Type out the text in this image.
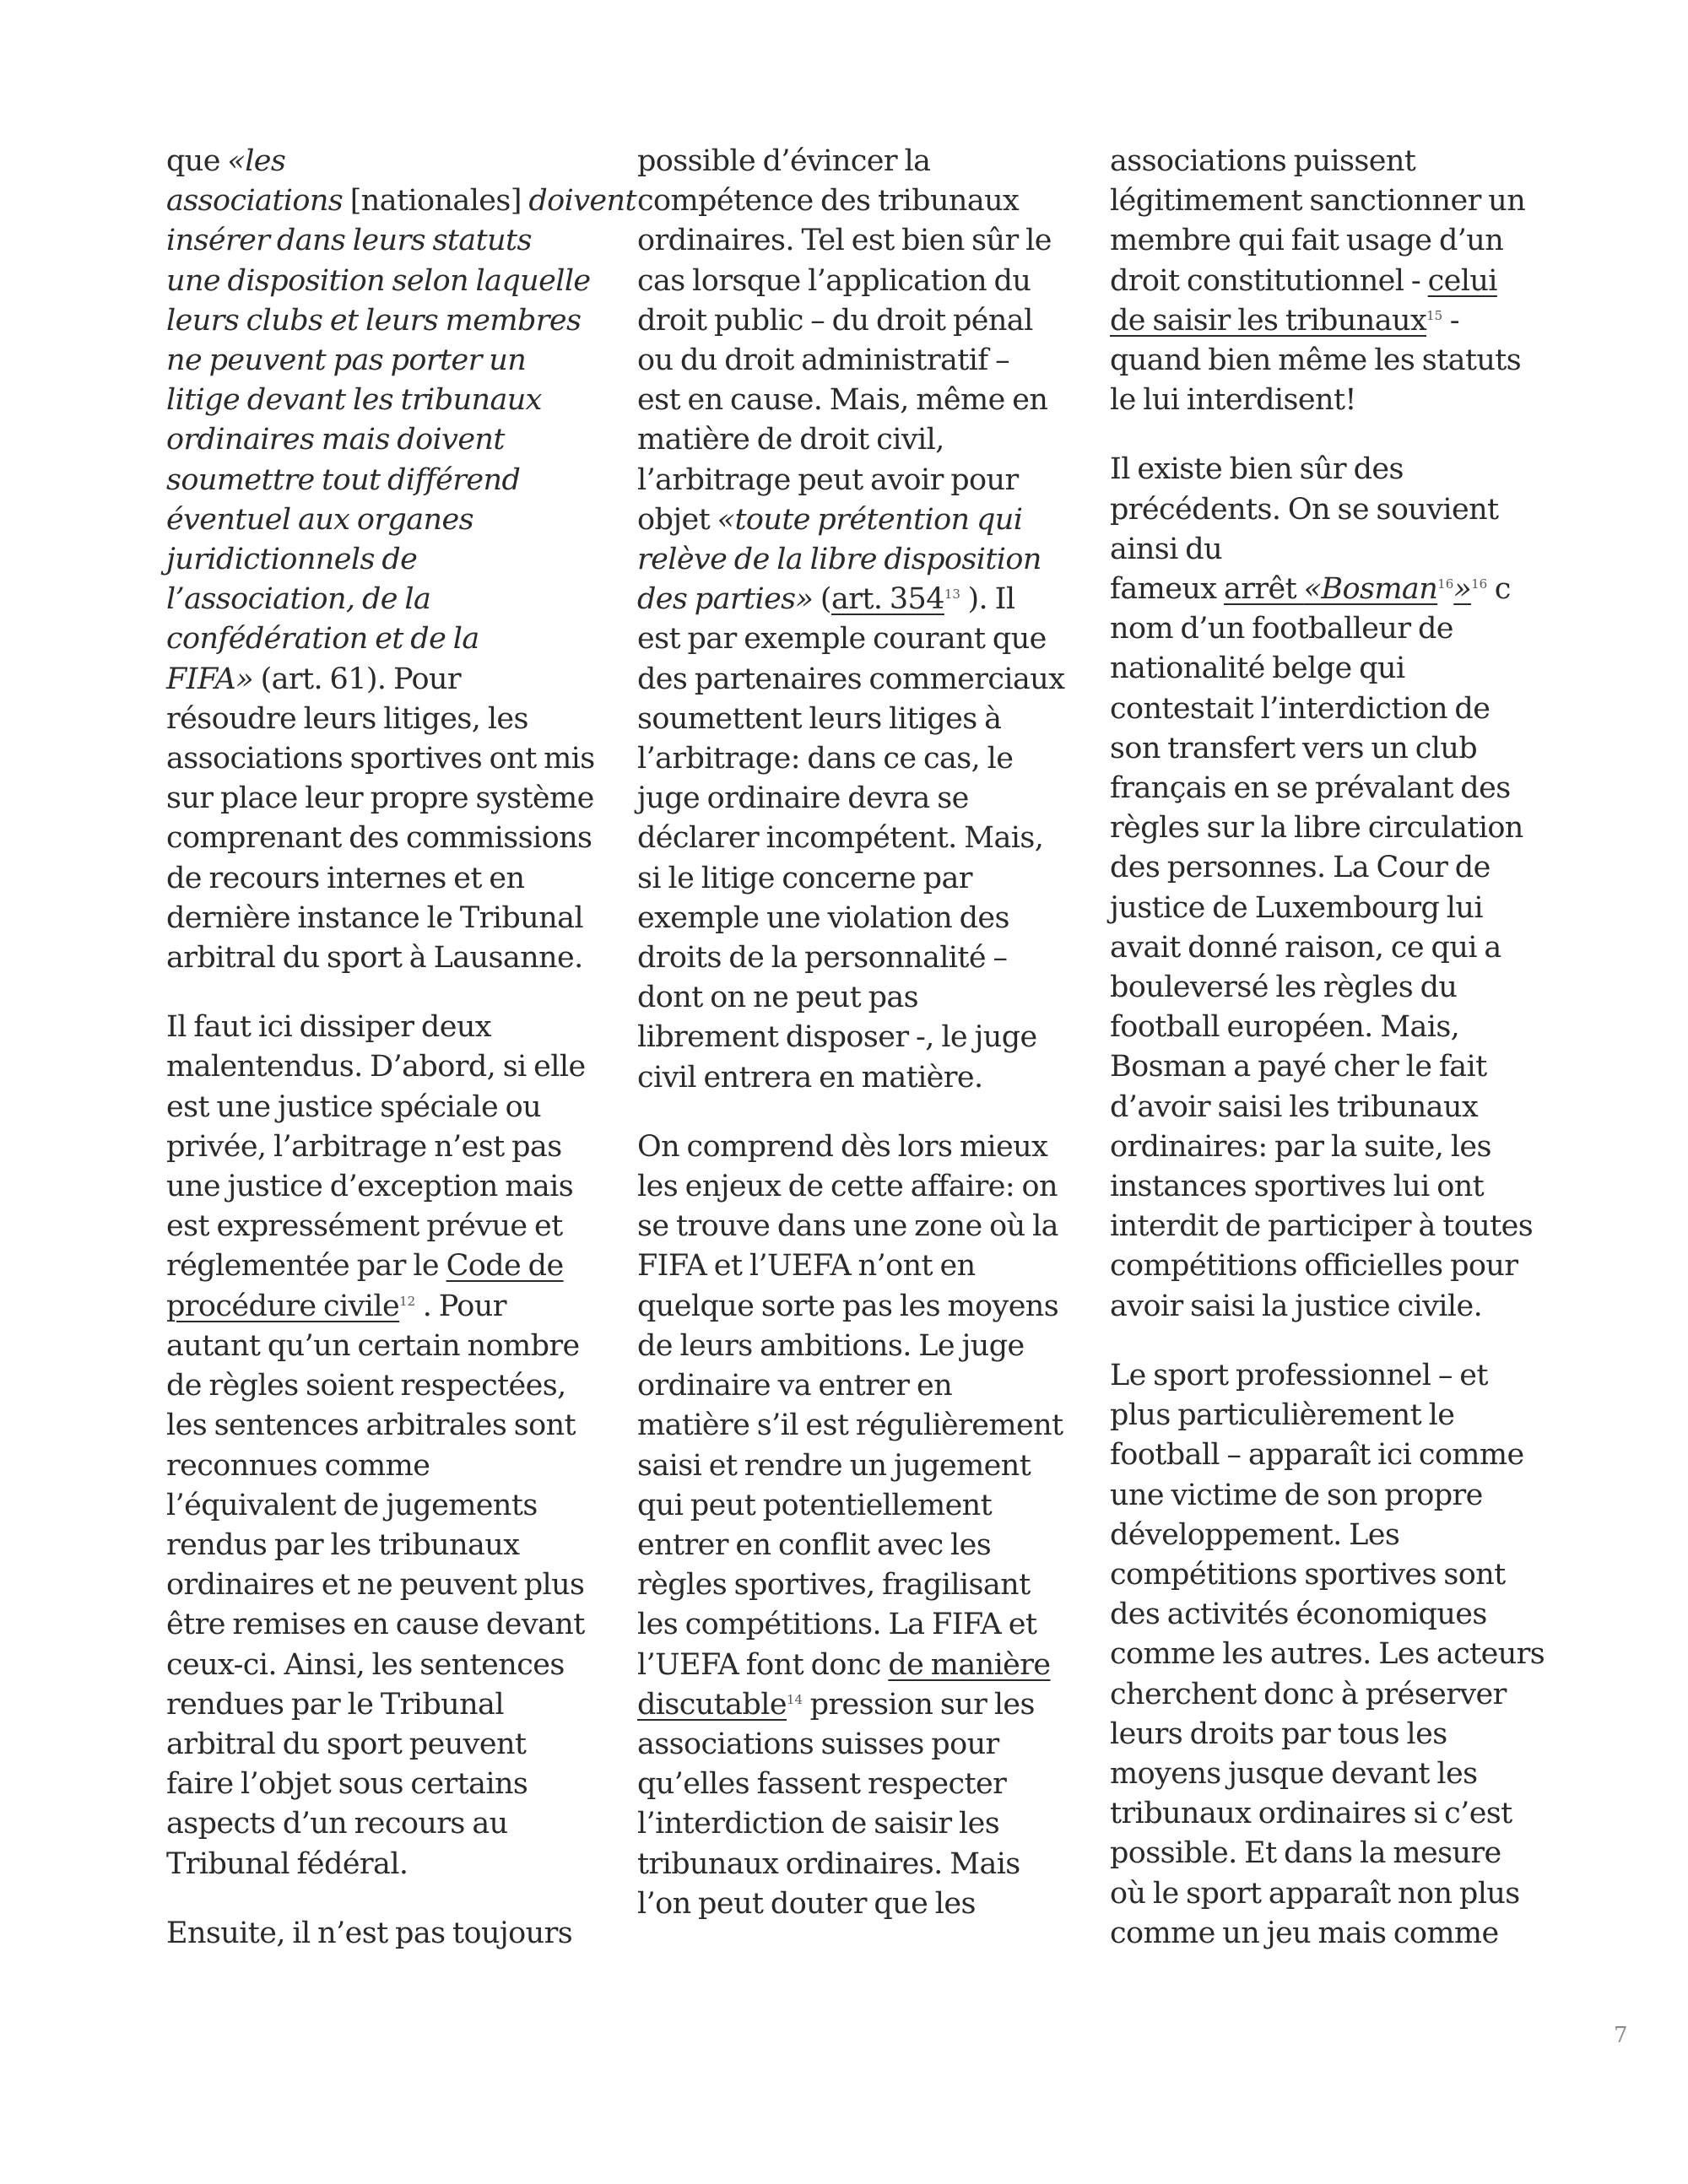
que «les
associations [nationales] doivent
insérer dans leurs statuts
une disposition selon laquelle
leurs clubs et leurs membres
ne peuvent pas porter un
litige devant les tribunaux
ordinaires mais doivent
soumettre tout différend
éventuel aux organes
juridictionnels de
l’association, de la
confédération et de la
FIFA» (art. 61). Pour
résoudre leurs litiges, les
associations sportives ont mis
sur place leur propre système
comprenant des commissions
de recours internes et en
dernière instance le Tribunal
arbitral du sport à Lausanne.

Il faut ici dissiper deux
malentendus. D’abord, si elle
est une justice spéciale ou
privée, l’arbitrage n’est pas
une justice d’exception mais
est expressément prévue et
réglementée par le Code de
procédure civile$^{12}$ . Pour
autant qu’un certain nombre
de règles soient respectées,
les sentences arbitrales sont
reconnues comme
l’équivalent de jugements
rendus par les tribunaux
ordinaires et ne peuvent plus
être remises en cause devant
ceux-ci. Ainsi, les sentences
rendues par le Tribunal
arbitral du sport peuvent
faire l’objet sous certains
aspects d’un recours au
Tribunal fédéral.

Ensuite, il n’est pas toujours

possible d’évincer la
compétence des tribunaux
ordinaires. Tel est bien sûr le
cas lorsque l’application du
droit public – du droit pénal
ou du droit administratif –
est en cause. Mais, même en
matière de droit civil,
l’arbitrage peut avoir pour
objet «toute prétention qui
relève de la libre disposition
des parties» (art. 354$^{13}$ ). Il
est par exemple courant que
des partenaires commerciaux
soumettent leurs litiges à
l’arbitrage: dans ce cas, le
juge ordinaire devra se
déclarer incompétent. Mais,
si le litige concerne par
exemple une violation des
droits de la personnalité –
dont on ne peut pas
librement disposer -, le juge
civil entrera en matière.

On comprend dès lors mieux
les enjeux de cette affaire: on
se trouve dans une zone où la
FIFA et l’UEFA n’ont en
quelque sorte pas les moyens
de leurs ambitions. Le juge
ordinaire va entrer en
matière s’il est régulièrement
saisi et rendre un jugement
qui peut potentiellement
entrer en conflit avec les
règles sportives, fragilisant
les compétitions. La FIFA et
l’UEFA font donc de manière
discutable$^{14}$ pression sur les
associations suisses pour
qu’elles fassent respecter
l’interdiction de saisir les
tribunaux ordinaires. Mais
l’on peut douter que les

associations puissent
légitimement sanctionner un
membre qui fait usage d’un
droit constitutionnel - celui
de saisir les tribunaux$^{15}$ -
quand bien même les statuts
le lui interdisent!

Il existe bien sûr des
précédents. On se souvient
ainsi du
fameux arrêt «Bosman$^{16}$»$^{16}$ c
nom d’un footballeur de
nationalité belge qui
contestait l’interdiction de
son transfert vers un club
français en se prévalant des
règles sur la libre circulation
des personnes. La Cour de
justice de Luxembourg lui
avait donné raison, ce qui a
bouleversé les règles du
football européen. Mais,
Bosman a payé cher le fait
d’avoir saisi les tribunaux
ordinaires: par la suite, les
instances sportives lui ont
interdit de participer à toutes
compétitions officielles pour
avoir saisi la justice civile.

Le sport professionnel – et
plus particulièrement le
football – apparaît ici comme
une victime de son propre
développement. Les
compétitions sportives sont
des activités économiques
comme les autres. Les acteurs
cherchent donc à préserver
leurs droits par tous les
moyens jusque devant les
tribunaux ordinaires si c’est
possible. Et dans la mesure
où le sport apparaît non plus
comme un jeu mais comme

7
